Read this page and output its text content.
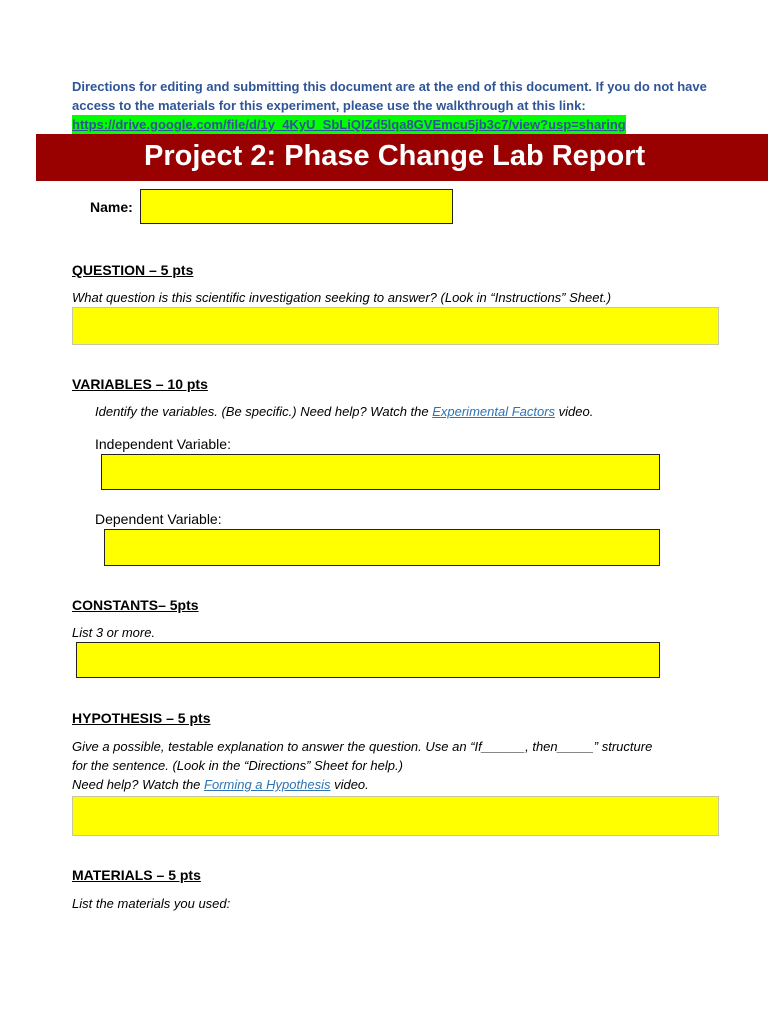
Directions for editing and submitting this document are at the end of this document. If you do not have access to the materials for this experiment, please use the walkthrough at this link:
https://drive.google.com/file/d/1y_4KyU_SbLiQIZd5lqa8GVEmcu5jb3c7/view?usp=sharing
Project 2: Phase Change Lab Report
Name:
QUESTION – 5 pts
What question is this scientific investigation seeking to answer? (Look in “Instructions” Sheet.)
VARIABLES – 10 pts
Identify the variables. (Be specific.) Need help? Watch the Experimental Factors video.
Independent Variable:
Dependent Variable:
CONSTANTS– 5pts
List 3 or more.
HYPOTHESIS – 5 pts
Give a possible, testable explanation to answer the question. Use an “If______, then_____” structure
for the sentence. (Look in the “Directions” Sheet for help.)
Need help? Watch the Forming a Hypothesis video.
MATERIALS – 5 pts
List the materials you used:
